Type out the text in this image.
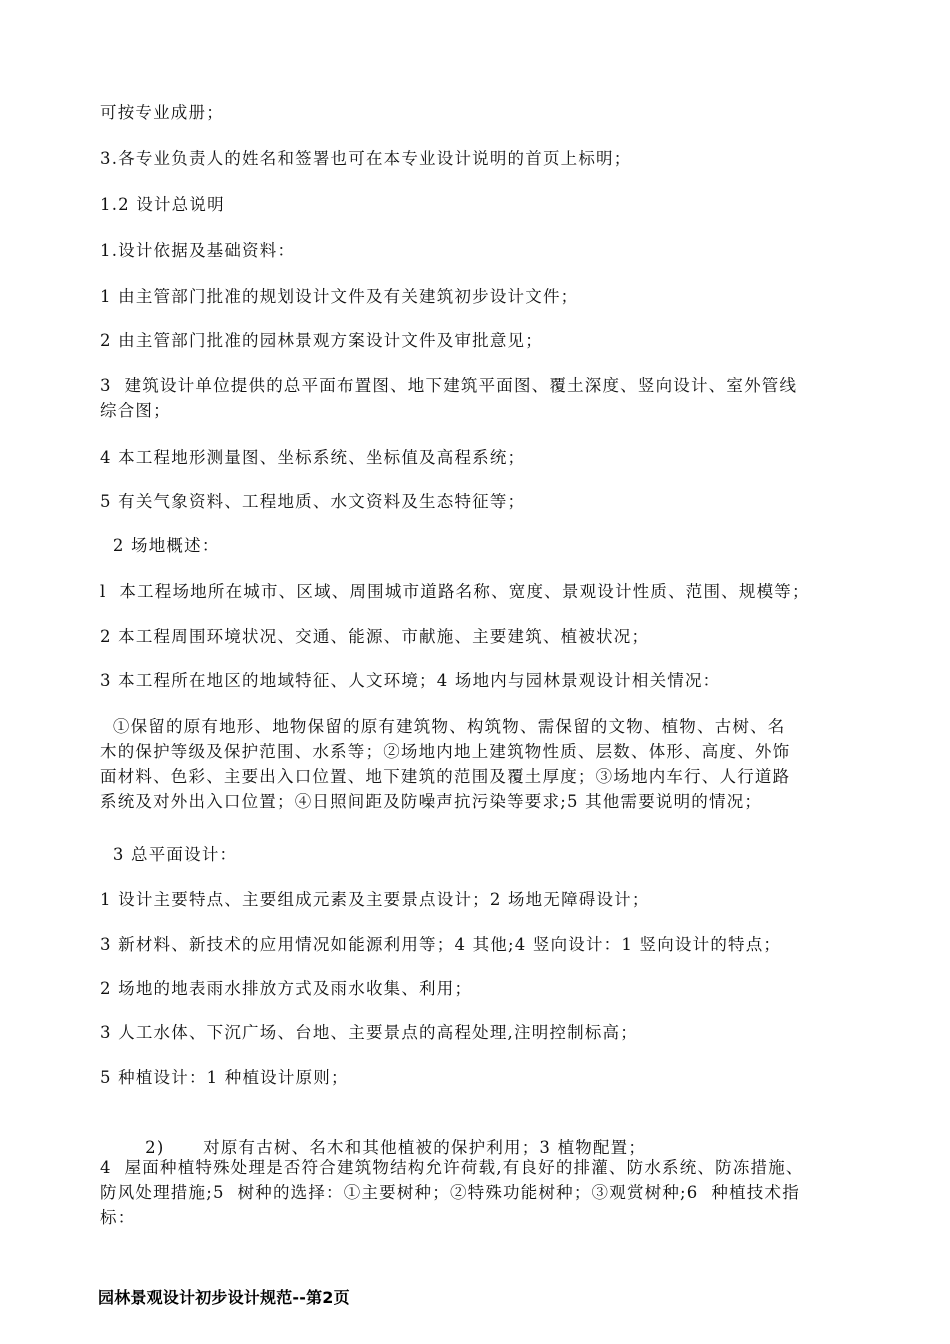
可按专业成册；
3.各专业负责人的姓名和签署也可在本专业设计说明的首页上标明；
1.2 设计总说明
1.设计依据及基础资料：
1 由主管部门批准的规划设计文件及有关建筑初步设计文件；
2 由主管部门批准的园林景观方案设计文件及审批意见；
3  建筑设计单位提供的总平面布置图、地下建筑平面图、覆土深度、竖向设计、室外管线
综合图；
4 本工程地形测量图、坐标系统、坐标值及高程系统；
5 有关气象资料、工程地质、水文资料及生态特征等；
2 场地概述：
l  本工程场地所在城市、区域、周围城市道路名称、宽度、景观设计性质、范围、规模等；
2 本工程周围环境状况、交通、能源、市献施、主要建筑、植被状况；
3 本工程所在地区的地域特征、人文环境；4 场地内与园林景观设计相关情况：
①保留的原有地形、地物保留的原有建筑物、构筑物、需保留的文物、植物、古树、名
木的保护等级及保护范围、水系等；②场地内地上建筑物性质、层数、体形、高度、外饰
面材料、色彩、主要出入口位置、地下建筑的范围及覆土厚度；③场地内车行、人行道路
系统及对外出入口位置；④日照间距及防噪声抗污染等要求;5 其他需要说明的情况；
3 总平面设计：
1 设计主要特点、主要组成元素及主要景点设计；2 场地无障碍设计；
3 新材料、新技术的应用情况如能源利用等；4 其他;4 竖向设计：1 竖向设计的特点；
2 场地的地表雨水排放方式及雨水收集、利用；
3 人工水体、下沉广场、台地、主要景点的高程处理,注明控制标高；
5 种植设计：1 种植设计原则；

2)      对原有古树、名木和其他植被的保护利用；3 植物配置；

4  屋面种植特殊处理是否符合建筑物结构允许荷载,有良好的排灌、防水系统、防冻措施、
防风处理措施;5  树种的选择：①主要树种；②特殊功能树种；③观赏树种;6  种植技术指
标：
园林景观设计初步设计规范--第2页
